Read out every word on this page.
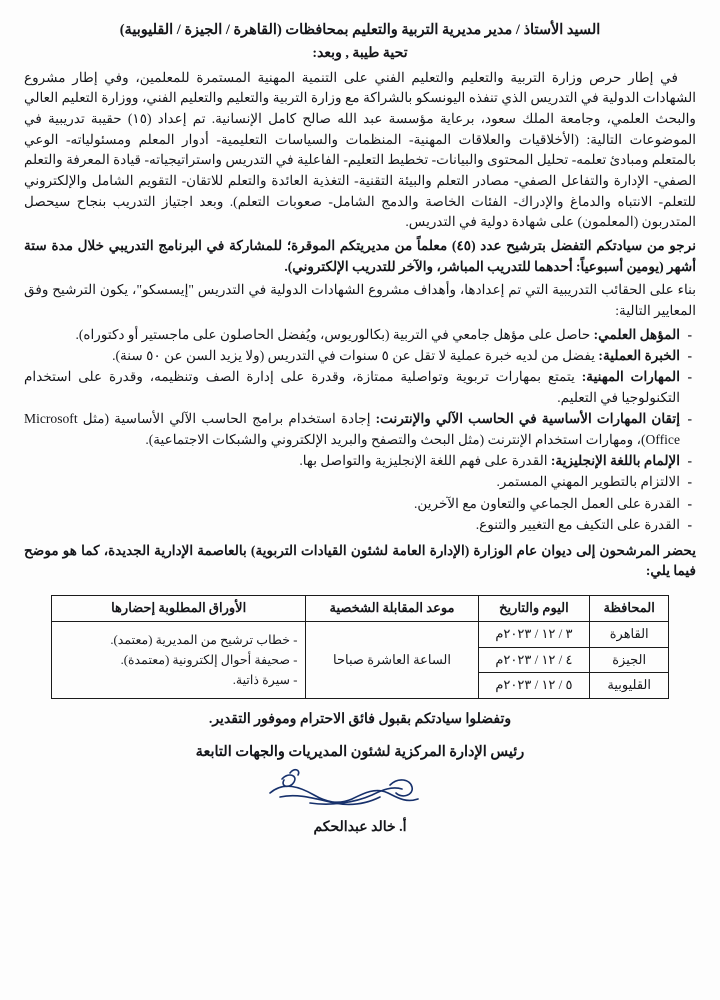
السيد الأستاذ / مدير مديرية التربية والتعليم بمحافظات (القاهرة / الجيزة / القليوبية)
تحية طيبة , وبعد:

في إطار حرص وزارة التربية والتعليم والتعليم الفني على التنمية المهنية المستمرة للمعلمين، وفي إطار مشروع الشهادات الدولية في التدريس الذي تنفذه اليونسكو بالشراكة مع وزارة التربية والتعليم والتعليم الفني، ووزارة التعليم العالي والبحث العلمي، وجامعة الملك سعود، برعاية مؤسسة عبد الله صالح كامل الإنسانية. تم إعداد (١٥) حقيبة تدريبية في الموضوعات التالية: (الأخلاقيات والعلاقات المهنية- المنظمات والسياسات التعليمية- أدوار المعلم ومسئولياته- الوعي بالمتعلم ومبادئ تعلمه- تحليل المحتوى والبيانات- تخطيط التعليم- الفاعلية في التدريس واستراتيجياته- قيادة المعرفة والتعلم الصفي- الإدارة والتفاعل الصفي- مصادر التعلم والبيئة التقنية- التغذية العائدة والتعلم للاتقان- التقويم الشامل والإلكتروني للتعلم- الانتباه والدماغ والإدراك- الفئات الخاصة والدمج الشامل- صعوبات التعلم). وبعد اجتياز التدريب بنجاح سيحصل المتدربون (المعلمون) على شهادة دولية في التدريس.

نرجو من سيادتكم التفضل بترشيح عدد (٤٥) معلماً من مديريتكم الموقرة؛ للمشاركة في البرنامج التدريبي خلال مدة ستة أشهر (يومين أسبوعياً: أحدهما للتدريب المباشر، والآخر للتدريب الإلكتروني).

بناء على الحقائب التدريبية التي تم إعدادها، وأهداف مشروع الشهادات الدولية في التدريس "إيسسكو"، يكون الترشيح وفق المعايير التالية:

- المؤهل العلمي: حاصل على مؤهل جامعي في التربية (بكالوريوس، ويُفضل الحاصلون على ماجستير أو دكتوراه).
- الخبرة العملية: يفضل من لديه خبرة عملية لا تقل عن ٥ سنوات في التدريس (ولا يزيد السن عن ٥٠ سنة).
- المهارات المهنية: يتمتع بمهارات تربوية وتواصلية ممتازة، وقدرة على إدارة الصف وتنظيمه، وقدرة على استخدام التكنولوجيا في التعليم.
- إتقان المهارات الأساسية في الحاسب الآلي والإنترنت: إجادة استخدام برامج الحاسب الآلي الأساسية (مثل Microsoft Office)، ومهارات استخدام الإنترنت (مثل البحث والتصفح والبريد الإلكتروني والشبكات الاجتماعية).
- الإلمام باللغة الإنجليزية: القدرة على فهم اللغة الإنجليزية والتواصل بها.
- الالتزام بالتطوير المهني المستمر.
- القدرة على العمل الجماعي والتعاون مع الآخرين.
- القدرة على التكيف مع التغيير والتنوع.

يحضر المرشحون إلى ديوان عام الوزارة (الإدارة العامة لشئون القيادات التربوية) بالعاصمة الإدارية الجديدة، كما هو موضح فيما يلي:

المحافظة	اليوم والتاريخ	موعد المقابلة الشخصية	الأوراق المطلوبة إحضارها
القاهرة	٣ / ١٢ / ٢٠٢٣م	الساعة العاشرة صباحا	- خطاب ترشيح من المديرية (معتمد).
- صحيفة أحوال إلكترونية (معتمدة).
- سيرة ذاتية.

الجيزة	٤ / ١٢ / ٢٠٢٣م		
القليوبية	٥ / ١٢ / ٢٠٢٣م		
وتفضلوا سيادتكم بقبول فائق الاحترام وموفور التقدير.
رئيس الإدارة المركزية لشئون المديريات والجهات التابعة
أ. خالد عبدالحكم
